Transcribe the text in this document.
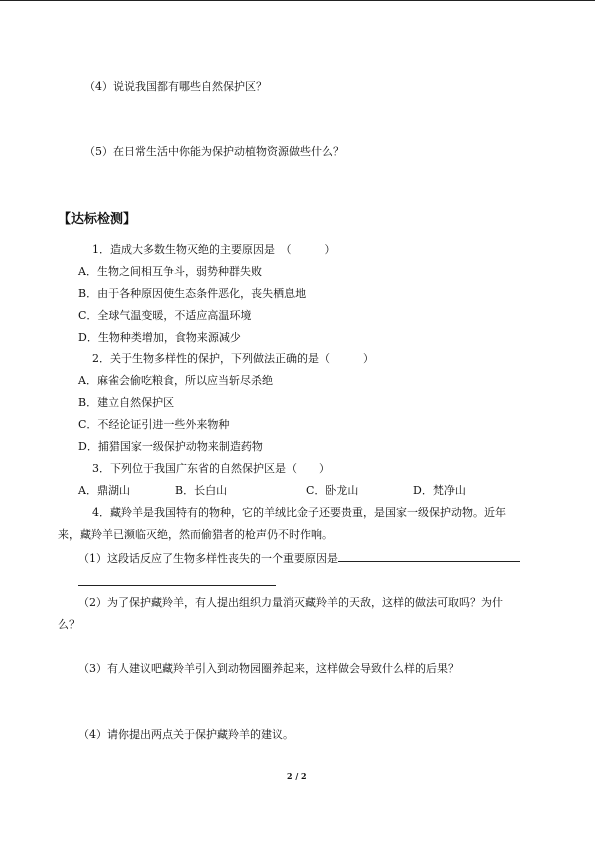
（4）说说我国都有哪些自然保护区？
（5）在日常生活中你能为保护动植物资源做些什么？
【达标检测】
1．造成大多数生物灭绝的主要原因是　（　　　）
A．生物之间相互争斗，弱势种群失败
B．由于各种原因使生态条件恶化，丧失栖息地
C．全球气温变暖，不适应高温环境
D．生物种类增加，食物来源减少
2．关于生物多样性的保护，下列做法正确的是（　　　）
A．麻雀会偷吃粮食，所以应当斩尽杀绝
B．建立自然保护区
C．不经论证引进一些外来物种
D．捕猎国家一级保护动物来制造药物
3．下列位于我国广东省的自然保护区是（　　）
A．鼎湖山	B．长白山	C．卧龙山	D．梵净山
4．藏羚羊是我国特有的物种，它的羊绒比金子还要贵重，是国家一级保护动物。近年
来，藏羚羊已濒临灭绝，然而偷猎者的枪声仍不时作响。
（1）这段话反应了生物多样性丧失的一个重要原因是
（2）为了保护藏羚羊，有人提出组织力量消灭藏羚羊的天敌，这样的做法可取吗？为什
么？
（3）有人建议吧藏羚羊引入到动物园圈养起来，这样做会导致什么样的后果？
（4）请你提出两点关于保护藏羚羊的建议。
2 / 2
